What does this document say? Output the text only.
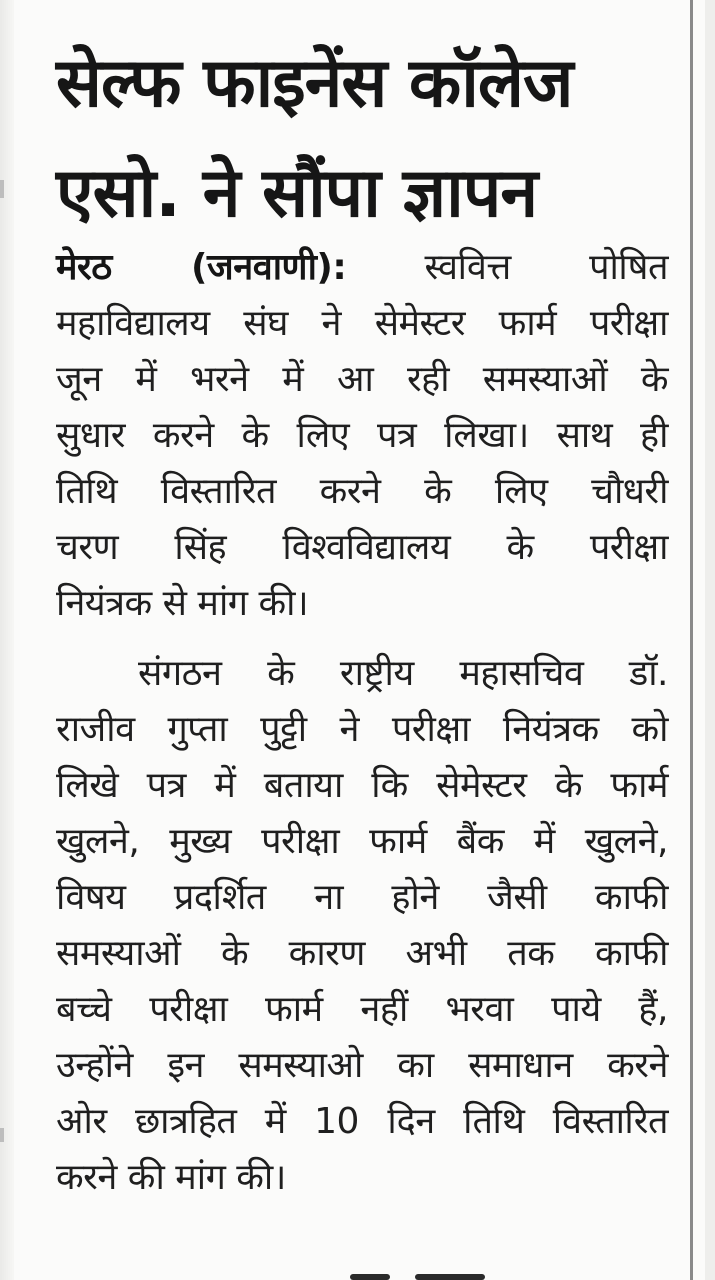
सेल्फ फाइनेंस कॉलेज
एसो. ने सौंपा ज्ञापन
मेरठ (जनवाणी): स्ववित्त पोषित
महाविद्यालय संघ ने सेमेस्टर फार्म परीक्षा
जून में भरने में आ रही समस्याओं के
सुधार करने के लिए पत्र लिखा। साथ ही
तिथि विस्तारित करने के लिए चौधरी
चरण सिंह विश्वविद्यालय के परीक्षा
नियंत्रक से मांग की।
संगठन के राष्ट्रीय महासचिव डॉ.
राजीव गुप्ता पुट्टी ने परीक्षा नियंत्रक को
लिखे पत्र में बताया कि सेमेस्टर के फार्म
खुलने, मुख्य परीक्षा फार्म बैंक में खुलने,
विषय प्रदर्शित ना होने जैसी काफी
समस्याओं के कारण अभी तक काफी
बच्चे परीक्षा फार्म नहीं भरवा पाये हैं,
उन्होंने इन समस्याओ का समाधान करने
ओर छात्रहित में 10 दिन तिथि विस्तारित
करने की मांग की।
